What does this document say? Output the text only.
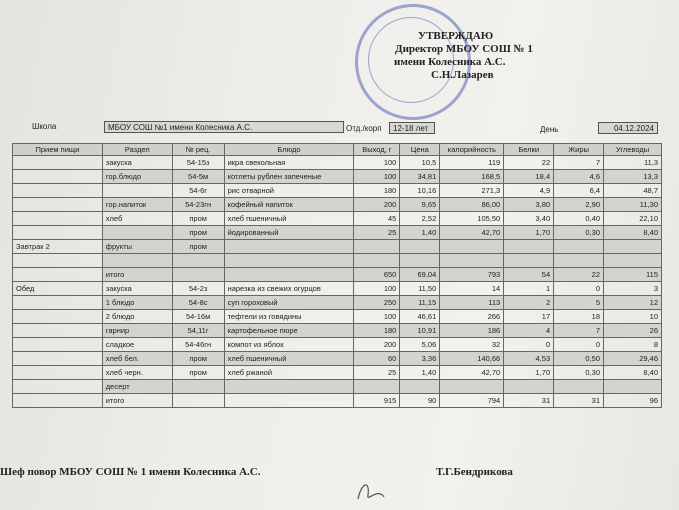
УТВЕРЖДАЮ
Директор МБОУ СОШ № 1
имени Колесника А.С.
С.Н.Лазарев
Школа	МБОУ СОШ №1 имени Колесника А.С.	Отд./корп	12-18 лет	День	04.12.2024
Прием пищи	Раздел	№ рец.	Блюдо	Выход, г	Цена	калорийность	Белки	Жиры	Углеводы
	закуска	54-15з	икра свекольная	100	10,5	119	22	7	11,3
	гор.блюдо	54-5м	котлеты рублен запеченые	100	34,81	168,5	18,4	4,6	13,3
		54-6г	рис отварной	180	10,16	271,3	4,9	6,4	48,7
	гор.напиток	54-23гн	кофейный напиток	200	9,65	86,00	3,80	2,90	11,30
	хлеб	пром	хлеб пшеничный	45	2,52	105,50	3,40	0,40	22,10
		пром	йодированный	25	1,40	42,70	1,70	0,30	8,40
Завтрак 2	фрукты	пром							

	итого			650	69,04	793	54	22	115
Обед	закуска	54-2з	нарезка из свежих огурцов	100	11,50	14	1	0	3
	1 блюдо	54-8с	суп гороховый	250	11,15	113	2	5	12
	2 блюдо	54-16м	тефтели из говядины	100	46,61	266	17	18	10
	гарнир	54,11г	картофельное пюре	180	10,91	186	4	7	26
	сладкое	54-46гн	компот из яблок	200	5,06	32	0	0	8
	хлеб бел.	пром	хлеб пшеничный	60	3,36	140,66	4,53	0,50	29,46
	хлеб черн.	пром	хлеб ржаной	25	1,40	42,70	1,70	0,30	8,40
	десерт								
	итого			915	90	794	31	31	96
Шеф повор МБОУ СОШ № 1 имени Колесника А.С.	Т.Г.Бендрикова
